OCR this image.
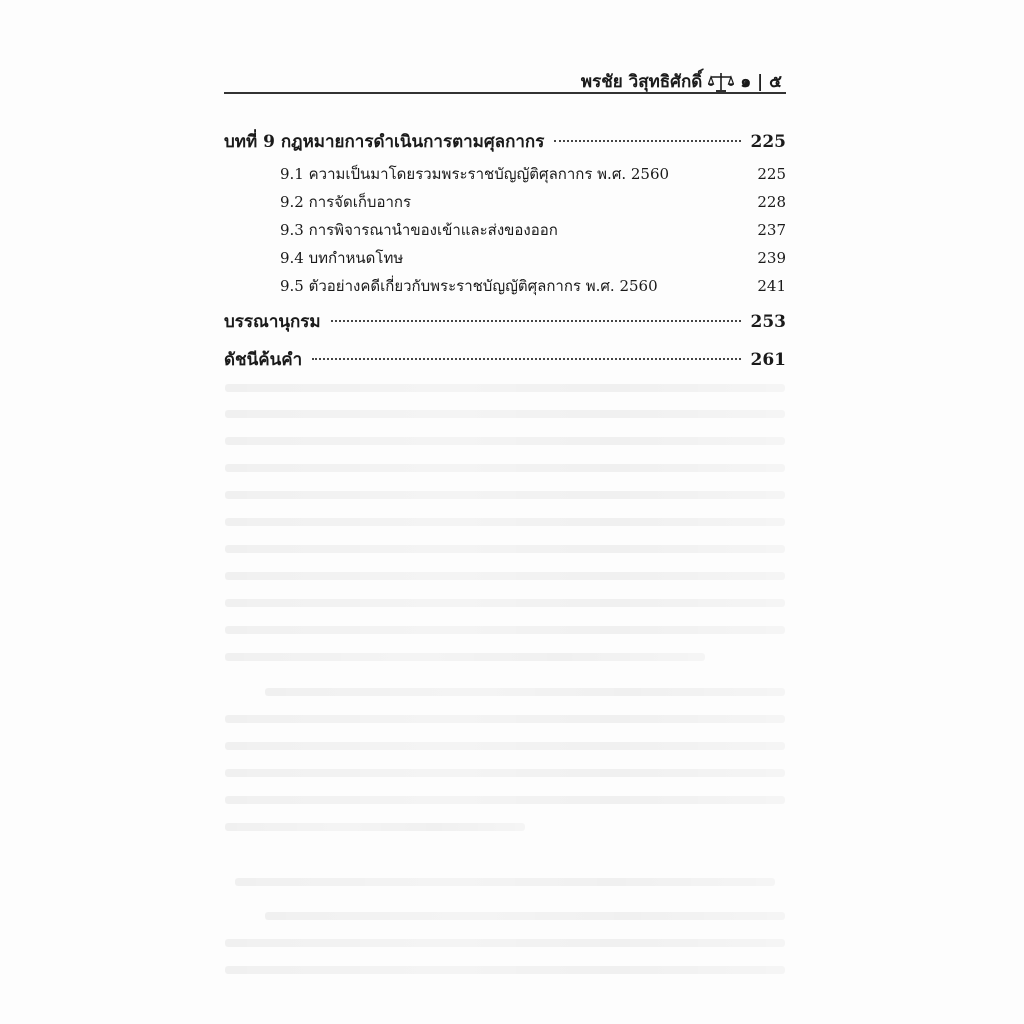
พรชัย วิสุทธิศักดิ์ ๑ | ๕
บทที่ 9 กฎหมายการดำเนินการตามศุลกากร	225
9.1 ความเป็นมาโดยรวมพระราชบัญญัติศุลกากร พ.ศ. 2560	225
9.2 การจัดเก็บอากร	228
9.3 การพิจารณานำของเข้าและส่งของออก	237
9.4 บทกำหนดโทษ	239
9.5 ตัวอย่างคดีเกี่ยวกับพระราชบัญญัติศุลกากร พ.ศ. 2560	241
บรรณานุกรม	253
ดัชนีค้นคำ	261
